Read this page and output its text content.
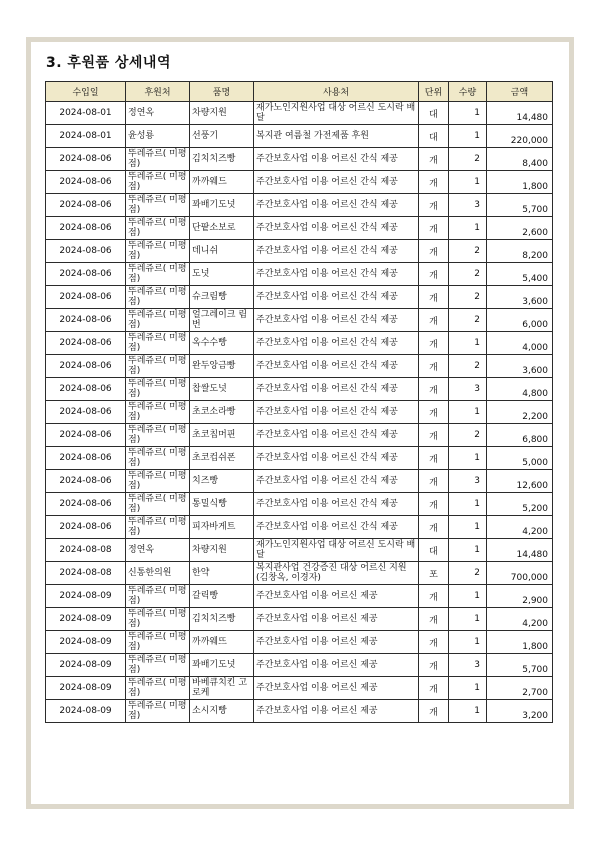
3. 후원품 상세내역
수입일	후원처	품명	사용처	단위	수량	금액
2024-08-01	정연옥	차량지원	재가노인지원사업 대상 어르신 도시락 배달	대	1	14,480
2024-08-01	윤성룡	선풍기	복지관 여름철 가전제품 후원	대	1	220,000
2024-08-06	뚜레쥬르( 미평점)	김치치즈빵	주간보호사업 이용 어르신 간식 제공	개	2	8,400
2024-08-06	뚜레쥬르( 미평점)	까까웨드	주간보호사업 이용 어르신 간식 제공	개	1	1,800
2024-08-06	뚜레쥬르( 미평점)	꽈배기도넛	주간보호사업 이용 어르신 간식 제공	개	3	5,700
2024-08-06	뚜레쥬르( 미평점)	단팥소보로	주간보호사업 이용 어르신 간식 제공	개	1	2,600
2024-08-06	뚜레쥬르( 미평점)	데니쉬	주간보호사업 이용 어르신 간식 제공	개	2	8,200
2024-08-06	뚜레쥬르( 미평점)	도넛	주간보호사업 이용 어르신 간식 제공	개	2	5,400
2024-08-06	뚜레쥬르( 미평점)	슈크림빵	주간보호사업 이용 어르신 간식 제공	개	2	3,600
2024-08-06	뚜레쥬르( 미평점)	얼그레이크 림번	주간보호사업 이용 어르신 간식 제공	개	2	6,000
2024-08-06	뚜레쥬르( 미평점)	옥수수빵	주간보호사업 이용 어르신 간식 제공	개	1	4,000
2024-08-06	뚜레쥬르( 미평점)	완두앙금빵	주간보호사업 이용 어르신 간식 제공	개	2	3,600
2024-08-06	뚜레쥬르( 미평점)	찹쌀도넛	주간보호사업 이용 어르신 간식 제공	개	3	4,800
2024-08-06	뚜레쥬르( 미평점)	초코소라빵	주간보호사업 이용 어르신 간식 제공	개	1	2,200
2024-08-06	뚜레쥬르( 미평점)	초코칩머핀	주간보호사업 이용 어르신 간식 제공	개	2	6,800
2024-08-06	뚜레쥬르( 미평점)	초코컵쉬폰	주간보호사업 이용 어르신 간식 제공	개	1	5,000
2024-08-06	뚜레쥬르( 미평점)	치즈빵	주간보호사업 이용 어르신 간식 제공	개	3	12,600
2024-08-06	뚜레쥬르( 미평점)	통밀식빵	주간보호사업 이용 어르신 간식 제공	개	1	5,200
2024-08-06	뚜레쥬르( 미평점)	피자바게트	주간보호사업 이용 어르신 간식 제공	개	1	4,200
2024-08-08	정연옥	차량지원	재가노인지원사업 대상 어르신 도시락 배달	대	1	14,480
2024-08-08	신통한의원	한약	복지관사업 건강증진 대상 어르신 지원(김창옥, 이경자)	포	2	700,000
2024-08-09	뚜레쥬르( 미평점)	갈릭빵	주간보호사업 이용 어르신 제공	개	1	2,900
2024-08-09	뚜레쥬르( 미평점)	김치치즈빵	주간보호사업 이용 어르신 제공	개	1	4,200
2024-08-09	뚜레쥬르( 미평점)	까까웨뜨	주간보호사업 이용 어르신 제공	개	1	1,800
2024-08-09	뚜레쥬르( 미평점)	꽈배기도넛	주간보호사업 이용 어르신 제공	개	3	5,700
2024-08-09	뚜레쥬르( 미평점)	바베큐치킨 고로케	주간보호사업 이용 어르신 제공	개	1	2,700
2024-08-09	뚜레쥬르( 미평점)	소시지빵	주간보호사업 이용 어르신 제공	개	1	3,200
